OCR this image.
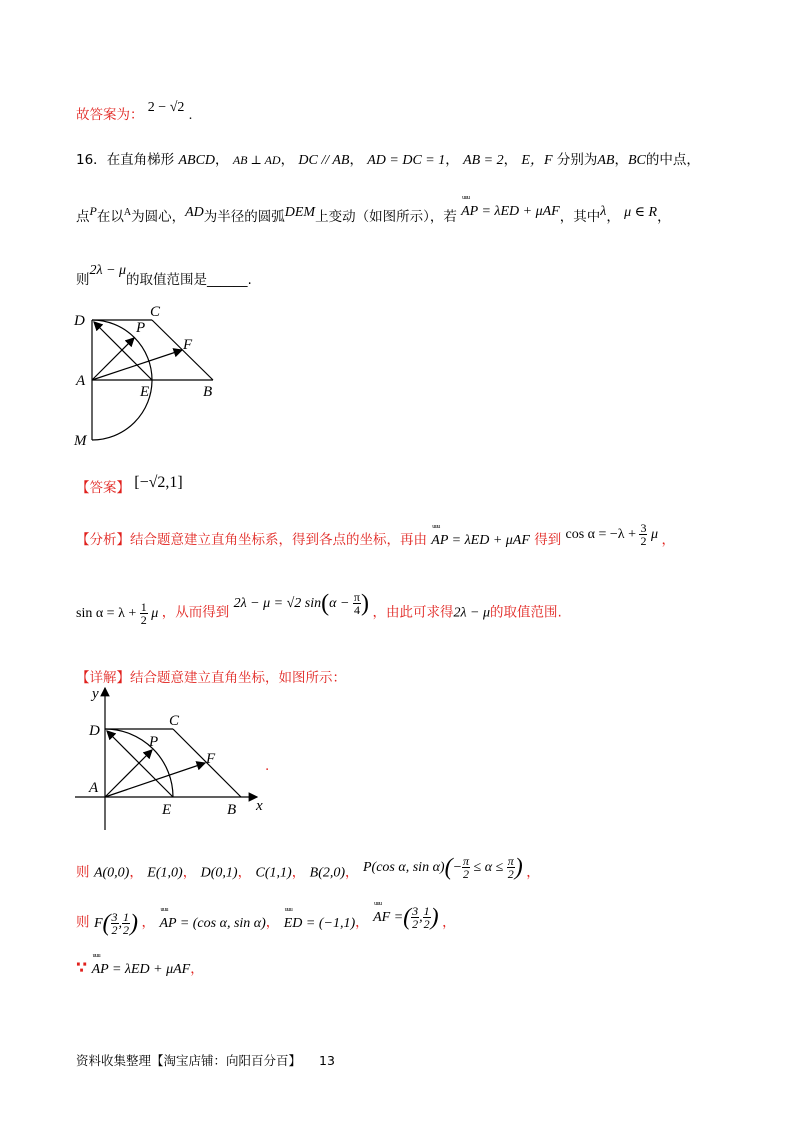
故答案为： 2 − √2 .
16．在直角梯形 ABCD， AB ⊥ AD， DC // AB， AD = DC = 1， AB = 2， E，F 分别为AB，BC的中点，
点P在以$^A$为圆心，AD为半径的圆弧DEM上变动（如图所示），若 uuu AP = λED + μAF，其中λ， μ ∈ R，
则2λ − μ的取值范围是______.
D
C
P
F
A
E	B
M
【答案】 [−√2,1]
【分析】结合题意建立直角坐标系，得到各点的坐标，再由 uuu AP = λED + μAF 得到 $\cos \alpha = -\lambda + \frac{3}{2}$ μ ，
$\sin \alpha = \lambda + \frac{1}{2}$ μ ，从而得到 2λ − μ = √2 $\sin(\alpha - \frac{\pi}{4}$ ) ，由此可求得2λ − μ的取值范围.
【详解】结合题意建立直角坐标，如图所示：
.
y
C
D
P
F
A
E	B x
则 A(0,0)， E(1,0)， D(0,1)， C(1,1)， B(2,0)， P(cos α, $\sin \alpha)(- \frac{\pi}{2} \le \alpha \le \frac{\pi}{2}$ ) ，
则 $F( \frac{3}{2}$ , $\frac{1}{2}$ ) ， uuu AP = (cos α, sin α)， uuu ED = (−1,1)， uuu AF =( $\frac{3}{2}$ , $\frac{1}{2}$ ) ，
∵ uuu AP = λED + μAF，
资料收集整理【淘宝店铺：向阳百分百】 13
